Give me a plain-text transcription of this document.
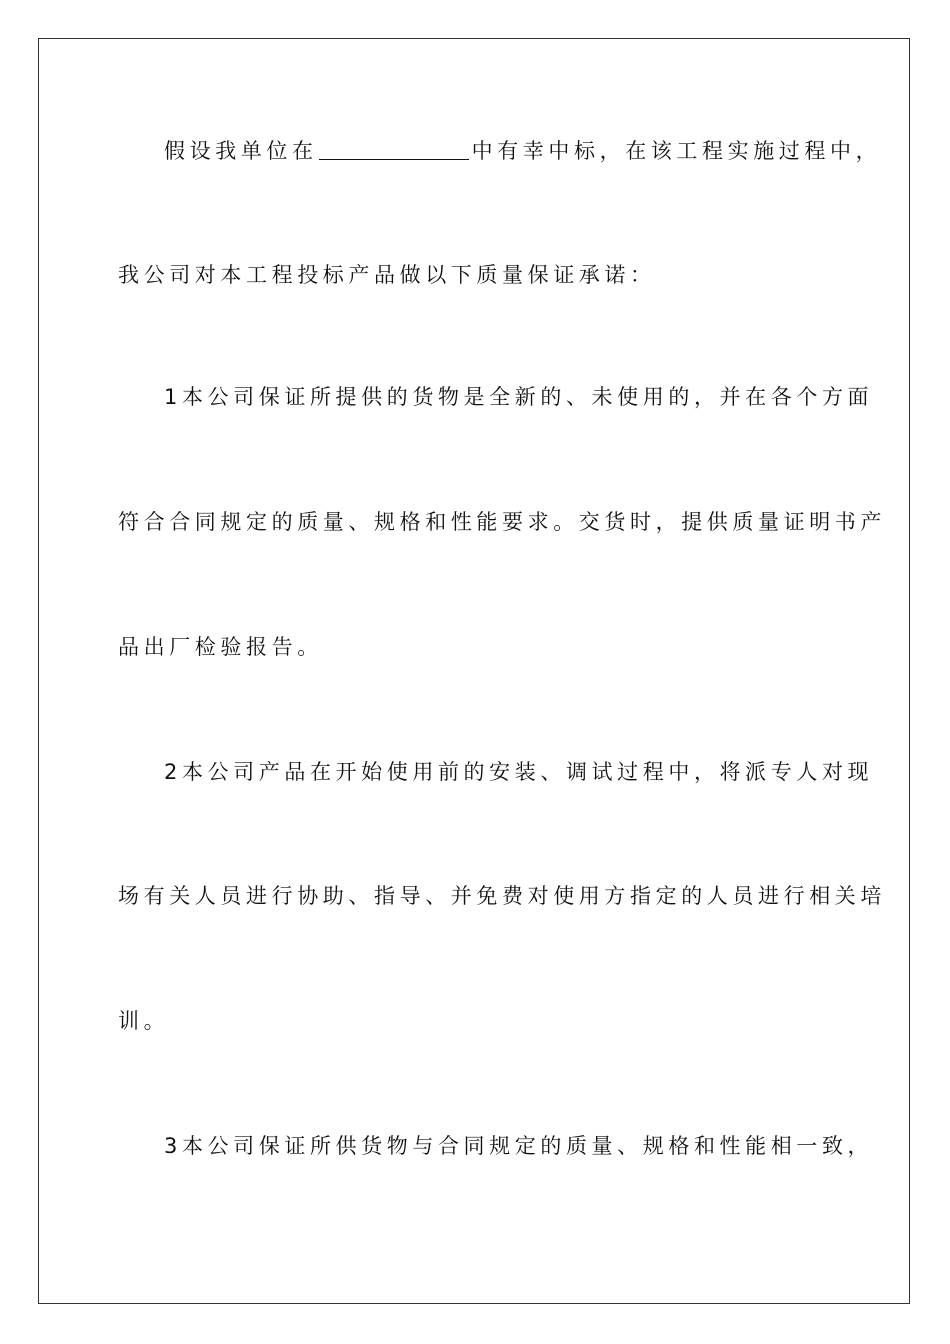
假设我单位在	中有幸中标，在该工程实施过程中，
我公司对本工程投标产品做以下质量保证承诺：
1本公司保证所提供的货物是全新的、未使用的，并在各个方面
符合合同规定的质量、规格和性能要求。交货时，提供质量证明书产
品出厂检验报告。
2本公司产品在开始使用前的安装、调试过程中，将派专人对现
场有关人员进行协助、指导、并免费对使用方指定的人员进行相关培
训。
3本公司保证所供货物与合同规定的质量、规格和性能相一致，
